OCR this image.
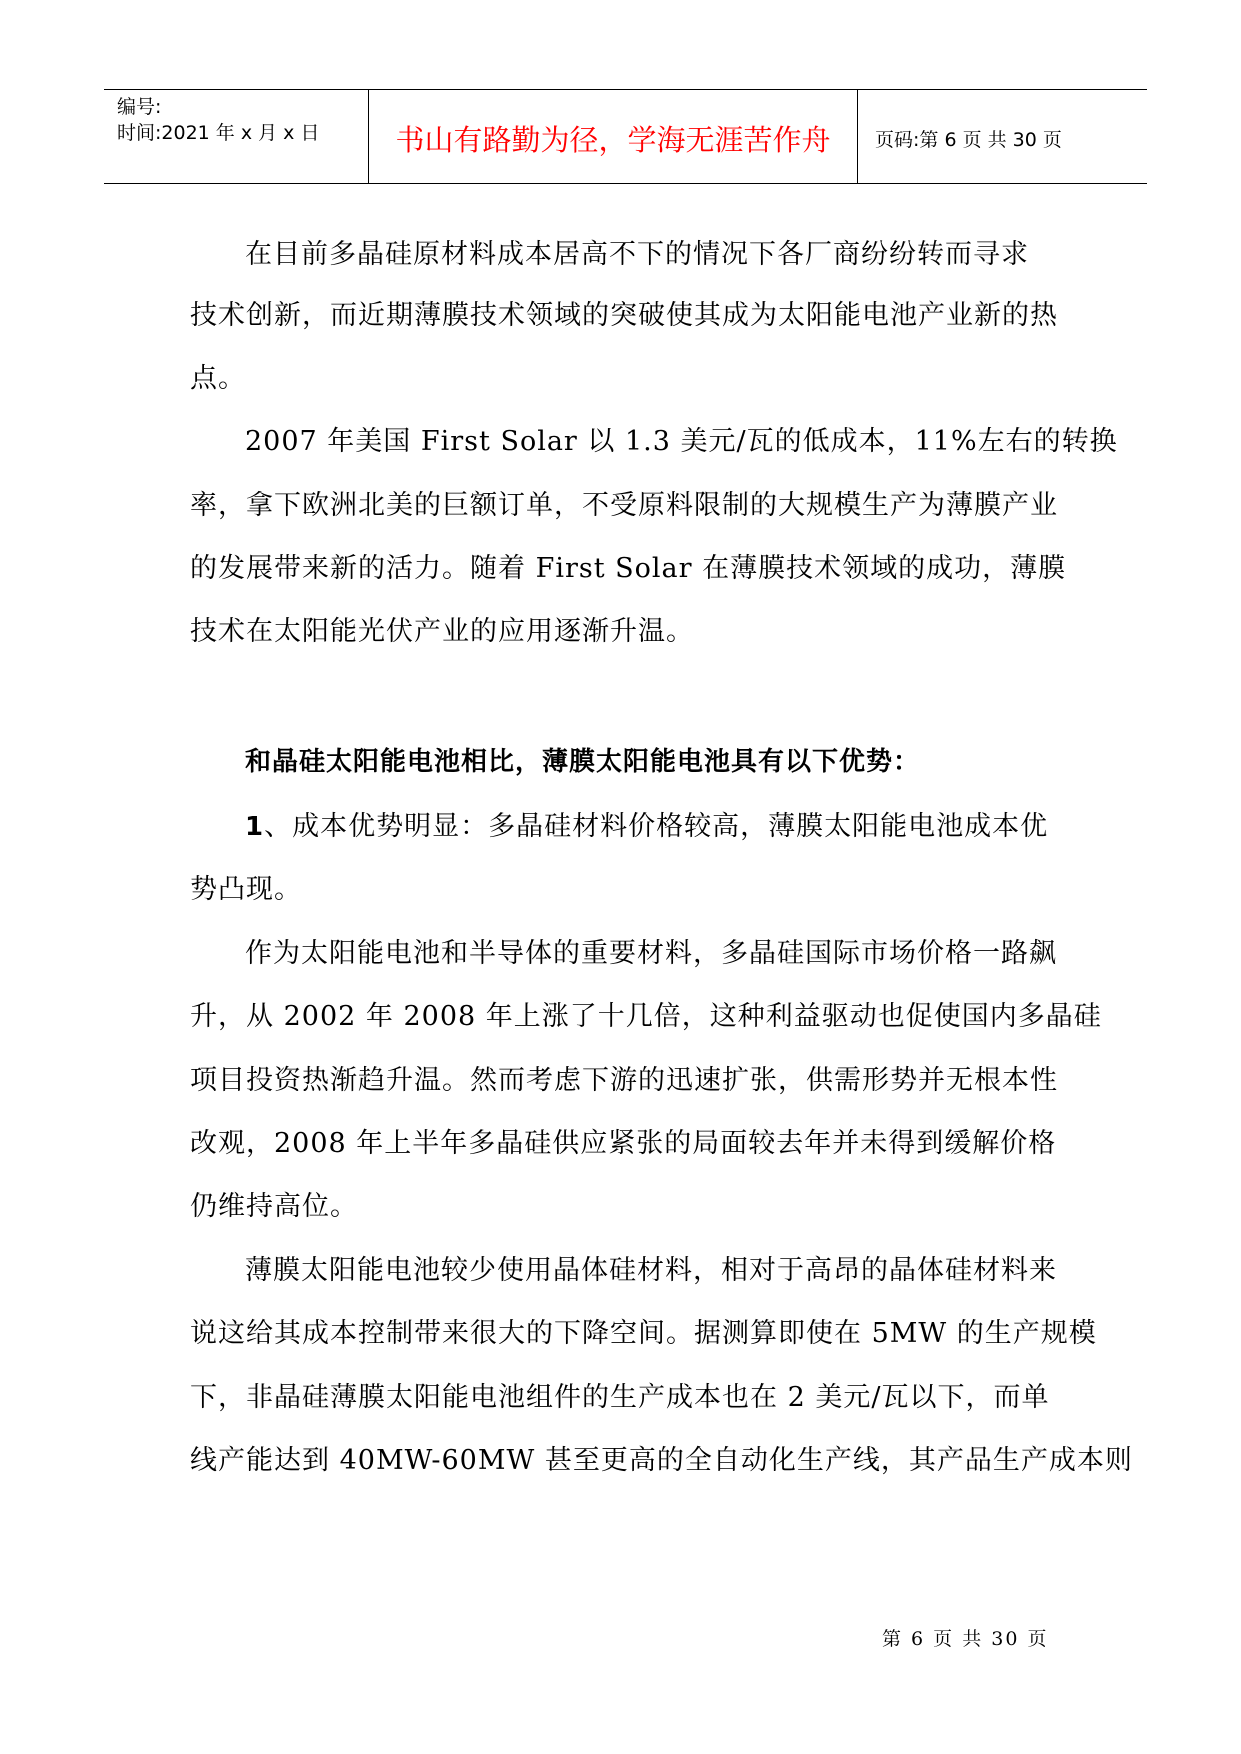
编号:
时间:2021 年 x 月 x 日	书山有路勤为径，学海无涯苦作舟	页码:第 6 页 共 30 页
在目前多晶硅原材料成本居高不下的情况下各厂商纷纷转而寻求
技术创新，而近期薄膜技术领域的突破使其成为太阳能电池产业新的热
点。
2007 年美国 First Solar 以 1.3 美元/瓦的低成本，11%左右的转换
率，拿下欧洲北美的巨额订单，不受原料限制的大规模生产为薄膜产业
的发展带来新的活力。随着 First Solar 在薄膜技术领域的成功，薄膜
技术在太阳能光伏产业的应用逐渐升温。
和晶硅太阳能电池相比，薄膜太阳能电池具有以下优势：
1、成本优势明显：多晶硅材料价格较高，薄膜太阳能电池成本优
势凸现。
作为太阳能电池和半导体的重要材料，多晶硅国际市场价格一路飙
升，从 2002 年 2008 年上涨了十几倍，这种利益驱动也促使国内多晶硅
项目投资热渐趋升温。然而考虑下游的迅速扩张，供需形势并无根本性
改观，2008 年上半年多晶硅供应紧张的局面较去年并未得到缓解价格
仍维持高位。
薄膜太阳能电池较少使用晶体硅材料，相对于高昂的晶体硅材料来
说这给其成本控制带来很大的下降空间。据测算即使在 5MW 的生产规模
下，非晶硅薄膜太阳能电池组件的生产成本也在 2 美元/瓦以下，而单
线产能达到 40MW-60MW 甚至更高的全自动化生产线，其产品生产成本则
第 6 页 共 30 页
